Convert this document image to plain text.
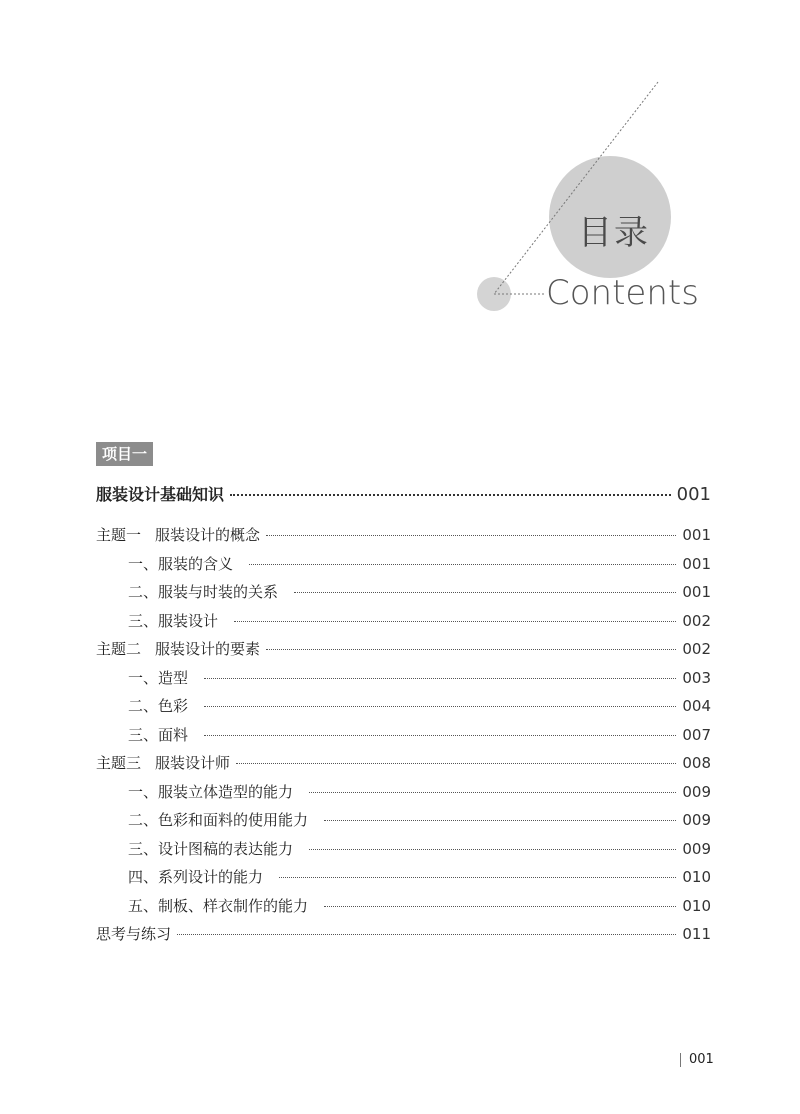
目录
Contents
项目一
服装设计基础知识	001
主题一 服装设计的概念	001
一、服装的含义	001
二、服装与时装的关系	001
三、服装设计	002
主题二 服装设计的要素	002
一、造型	003
二、色彩	004
三、面料	007
主题三 服装设计师	008
一、服装立体造型的能力	009
二、色彩和面料的使用能力	009
三、设计图稿的表达能力	009
四、系列设计的能力	010
五、制板、样衣制作的能力	010
思考与练习	011
001
